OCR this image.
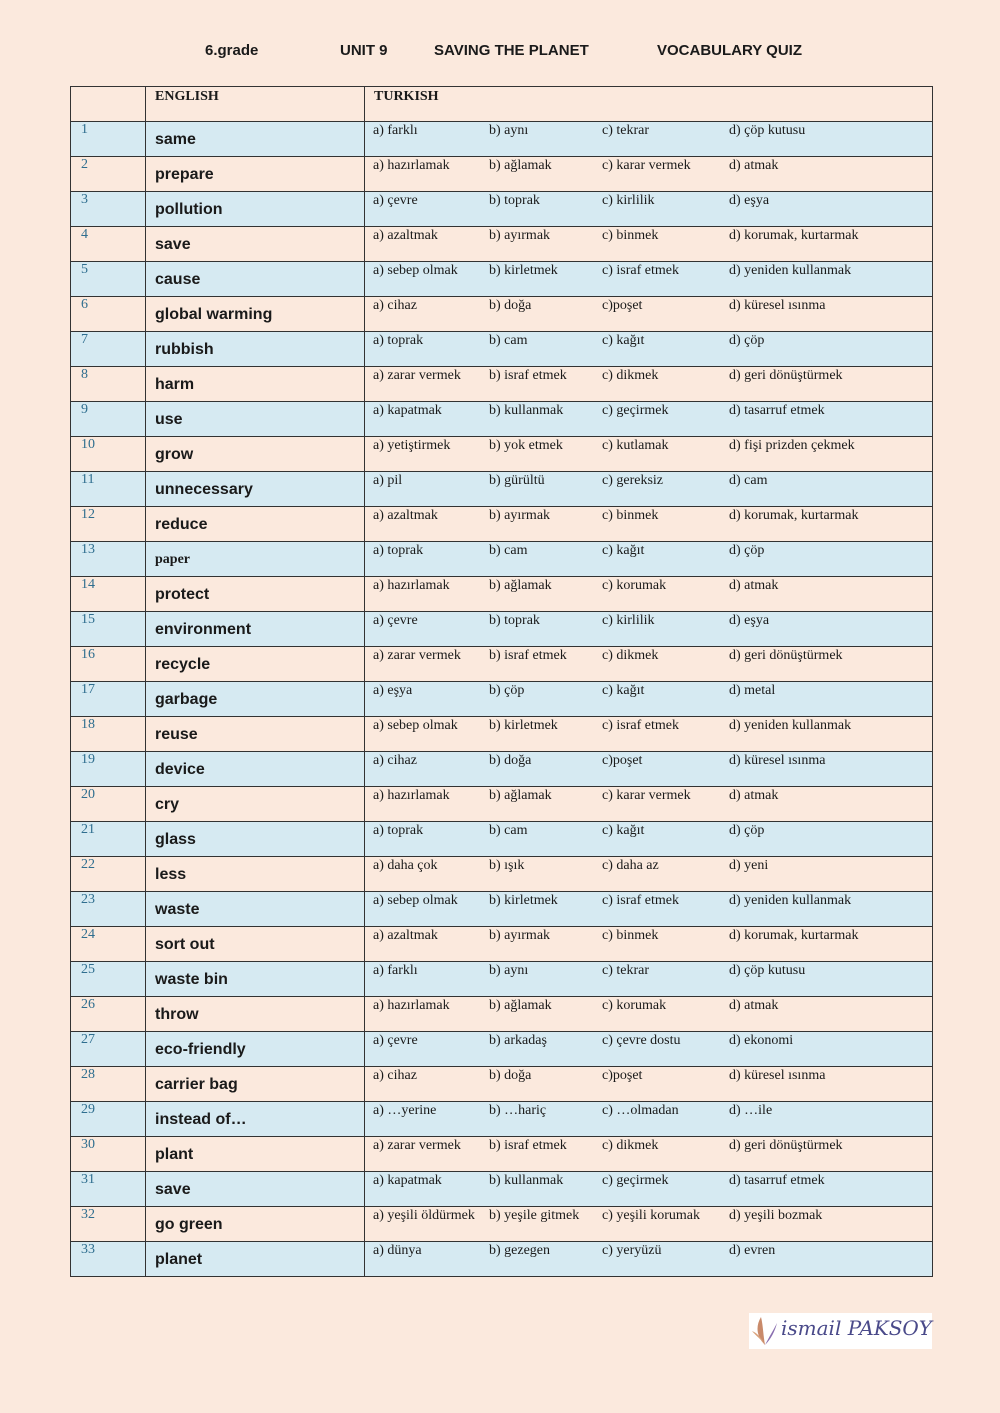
6.grade	UNIT 9	SAVING THE PLANET	VOCABULARY QUIZ
	ENGLISH	TURKISH
1	same	a) farklı b) aynı c) tekrar d) çöp kutusu

2	prepare	a) hazırlamak b) ağlamak c) karar vermek d) atmak

3	pollution	a) çevre b) toprak c) kirlilik d) eşya

4	save	a) azaltmak b) ayırmak c) binmek d) korumak, kurtarmak

5	cause	a) sebep olmak b) kirletmek c) israf etmek d) yeniden kullanmak

6	global warming	a) cihaz b) doğa c)poşet d) küresel ısınma

7	rubbish	a) toprak b) cam c) kağıt d) çöp

8	harm	a) zarar vermek b) israf etmek c) dikmek d) geri dönüştürmek

9	use	a) kapatmak b) kullanmak c) geçirmek d) tasarruf etmek

10	grow	a) yetiştirmek b) yok etmek c) kutlamak d) fişi prizden çekmek

11	unnecessary	a) pil b) gürültü c) gereksiz d) cam

12	reduce	a) azaltmak b) ayırmak c) binmek d) korumak, kurtarmak

13	paper	a) toprak b) cam c) kağıt d) çöp

14	protect	a) hazırlamak b) ağlamak c) korumak d) atmak

15	environment	a) çevre b) toprak c) kirlilik d) eşya

16	recycle	a) zarar vermek b) israf etmek c) dikmek d) geri dönüştürmek

17	garbage	a) eşya b) çöp c) kağıt d) metal

18	reuse	a) sebep olmak b) kirletmek c) israf etmek d) yeniden kullanmak

19	device	a) cihaz b) doğa c)poşet d) küresel ısınma

20	cry	a) hazırlamak b) ağlamak c) karar vermek d) atmak

21	glass	a) toprak b) cam c) kağıt d) çöp

22	less	a) daha çok b) ışık c) daha az d) yeni

23	waste	a) sebep olmak b) kirletmek c) israf etmek d) yeniden kullanmak

24	sort out	a) azaltmak b) ayırmak c) binmek d) korumak, kurtarmak

25	waste bin	a) farklı b) aynı c) tekrar d) çöp kutusu

26	throw	a) hazırlamak b) ağlamak c) korumak d) atmak

27	eco-friendly	a) çevre b) arkadaş c) çevre dostu d) ekonomi

28	carrier bag	a) cihaz b) doğa c)poşet d) küresel ısınma

29	instead of…	a) …yerine b) …hariç c) …olmadan d) …ile

30	plant	a) zarar vermek b) israf etmek c) dikmek d) geri dönüştürmek

31	save	a) kapatmak b) kullanmak c) geçirmek d) tasarruf etmek

32	go green	a) yeşili öldürmek b) yeşile gitmek c) yeşili korumak d) yeşili bozmak

33	planet	a) dünya b) gezegen c) yeryüzü d) evren
ismail PAKSOY
